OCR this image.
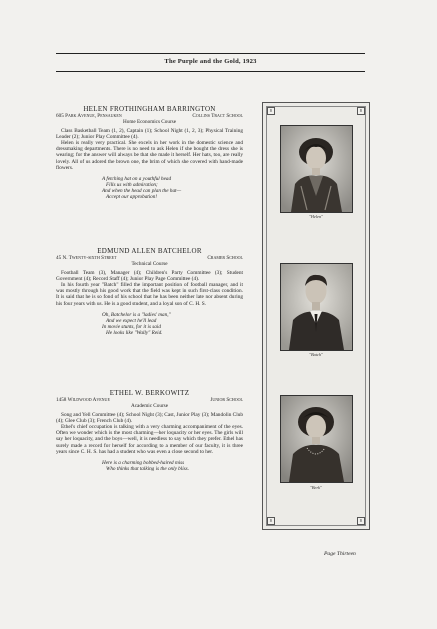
The Purple and the Gold, 1923
HELEN FROTHINGHAM BARRINGTON
605 Park Avenue, Pensauken	Collins Tract School
Home Economics Course

Class Basketball Team (1, 2), Captain (1); School Night (1, 2, 3); Physical Training Leader (2); Junior Play Committee (4).

Helen is really very practical. She excels in her work in the domestic science and dressmaking departments. There is no need to ask Helen if she bought the dress she is wearing; for the answer will always be that she made it herself. Her hats, too, are really lovely. All of us adored the brown one, the brim of which she covered with hand-made flowers.

A fetching hat on a youthful head
Fills us with admiration;
And when the head can plan the hat—
Accept our approbation!
EDMUND ALLEN BATCHELOR
45 N. Twenty-sixth Street	Cramer School
Technical Course

Football Team (3), Manager (4); Children's Party Committee (3); Student Government (4); Record Staff (4); Junior Play Page Committee (4).

In his fourth year "Batch" filled the important position of football manager, and it was mostly through his good work that the field was kept in such first-class condition. It is said that he is so fond of his school that he has been neither late nor absent during his four years with us. He is a good student, and a loyal son of C. H. S.

Oh, Batchelor is a "ladies' man,"
And we expect he'll lead
In movie stunts, for it is said
He looks like "Wally" Reid.
ETHEL W. BERKOWITZ
1458 Wildwood Avenue	Junior School
Academic Course

Song and Yell Committee (4); School Night (3); Cast, Junior Play (3); Mandolin Club (4); Glee Club (3); French Club (4).

Ethel's chief occupation is talking with a very charming accompaniment of the eyes. Often we wonder which is the most charming—her loquacity or her eyes. The girls will say her loquacity, and the boys—well, it is needless to say which they prefer. Ethel has surely made a record for herself for according to a member of our faculty, it is three years since C. H. S. has had a student who was even a close second to her.

Here is a charming bobbed-haired miss
Who thinks that talking is the only bliss.
B	B
B	B
"Helen"
"Batch"
"Berk"
Page Thirteen
